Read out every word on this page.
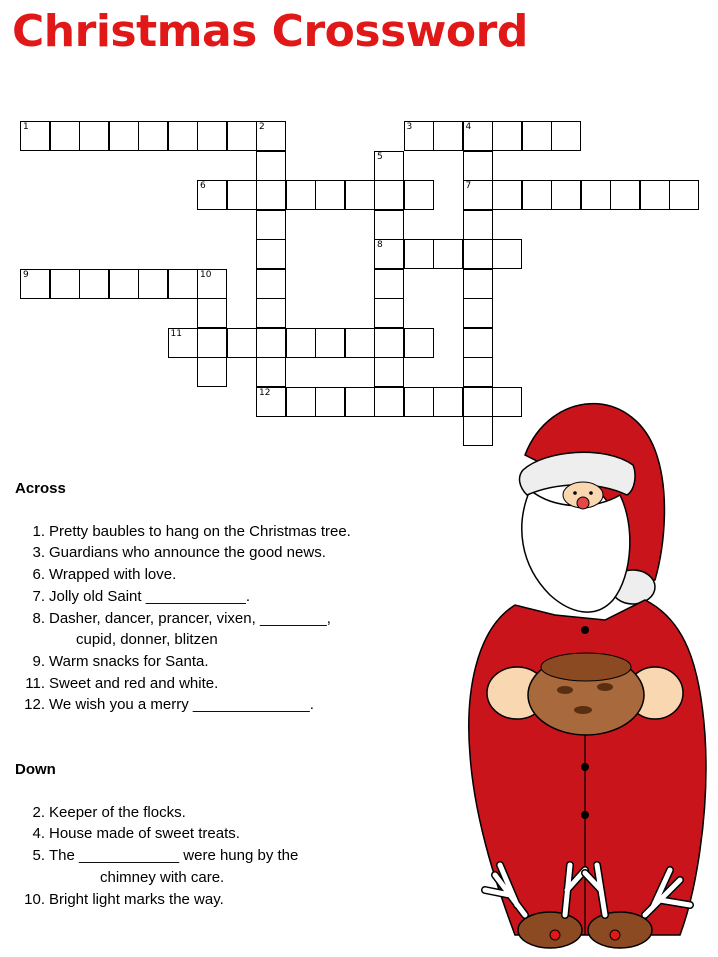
Christmas Crossword
1	2	3	4
12
7
5
8
6
9	10
11
Across
1. Pretty baubles to hang on the Christmas tree.
3. Guardians who announce the good news.
6. Wrapped with love.
7. Jolly old Saint ____________.
8. Dasher, dancer, prancer, vixen, ________,
cupid, donner, blitzen
9. Warm snacks for Santa.
11. Sweet and red and white.
12. We wish you a merry ______________.
Down
2. Keeper of the flocks.
4. House made of sweet treats.
5. The ____________ were hung by the
chimney with care.
10. Bright light marks the way.
